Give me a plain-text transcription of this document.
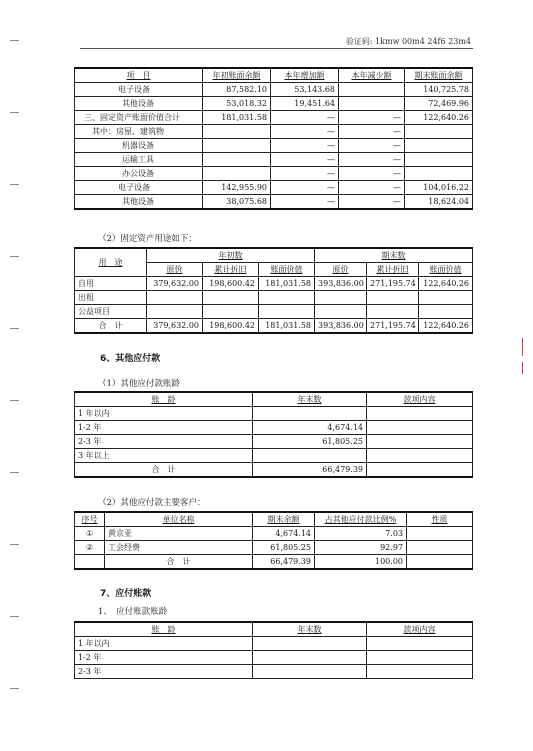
验证码: 1kmw 00m4 24f6 23m4
项　目	年初账面余额	本年增加额	本年减少额	期末账面余额
电子设备	87,582.10	53,143.68		140,725.78
其他设备	53,018.32	19,451.64		72,469.96
三、固定资产账面价值合计	181,031.58	—	—	122,640.26
其中：房屋、建筑物		—	—	
机器设备		—	—	
运输工具		—	—	
办公设备		—	—	
电子设备	142,955.90	—	—	104,016.22
其他设备	38,075.68	—	—	18,624.04
（2）固定资产用途如下：
用　途	年初数			期末数		
	原价	累计折旧	账面价值	原价	累计折旧	账面价值
自用	379,632.00	198,600.42	181,031.58	393,836.00	271,195.74	122,640.26
出租						
公益项目						
合　计	379,632.00	198,600.42	181,031.58	393,836.00	271,195.74	122,640.26
6、其他应付款
（1）其他应付款账龄
账　龄	年末数	款项内容
1 年以内		
1-2 年	4,674.14	
2-3 年	61,805.25	
3 年以上		
合　计	66,479.39	
（2）其他应付款主要客户：
序号	单位名称	期末余额	占其他应付款比例%	性质
①	黄京亚	4,674.14	7.03	
②	工会经费	61,805.25	92.97	
	合　计	66,479.39	100.00	
7、应付账款
1、　应付账款账龄
账　龄	年末数	款项内容
1 年以内		
1-2 年		
2-3 年		
